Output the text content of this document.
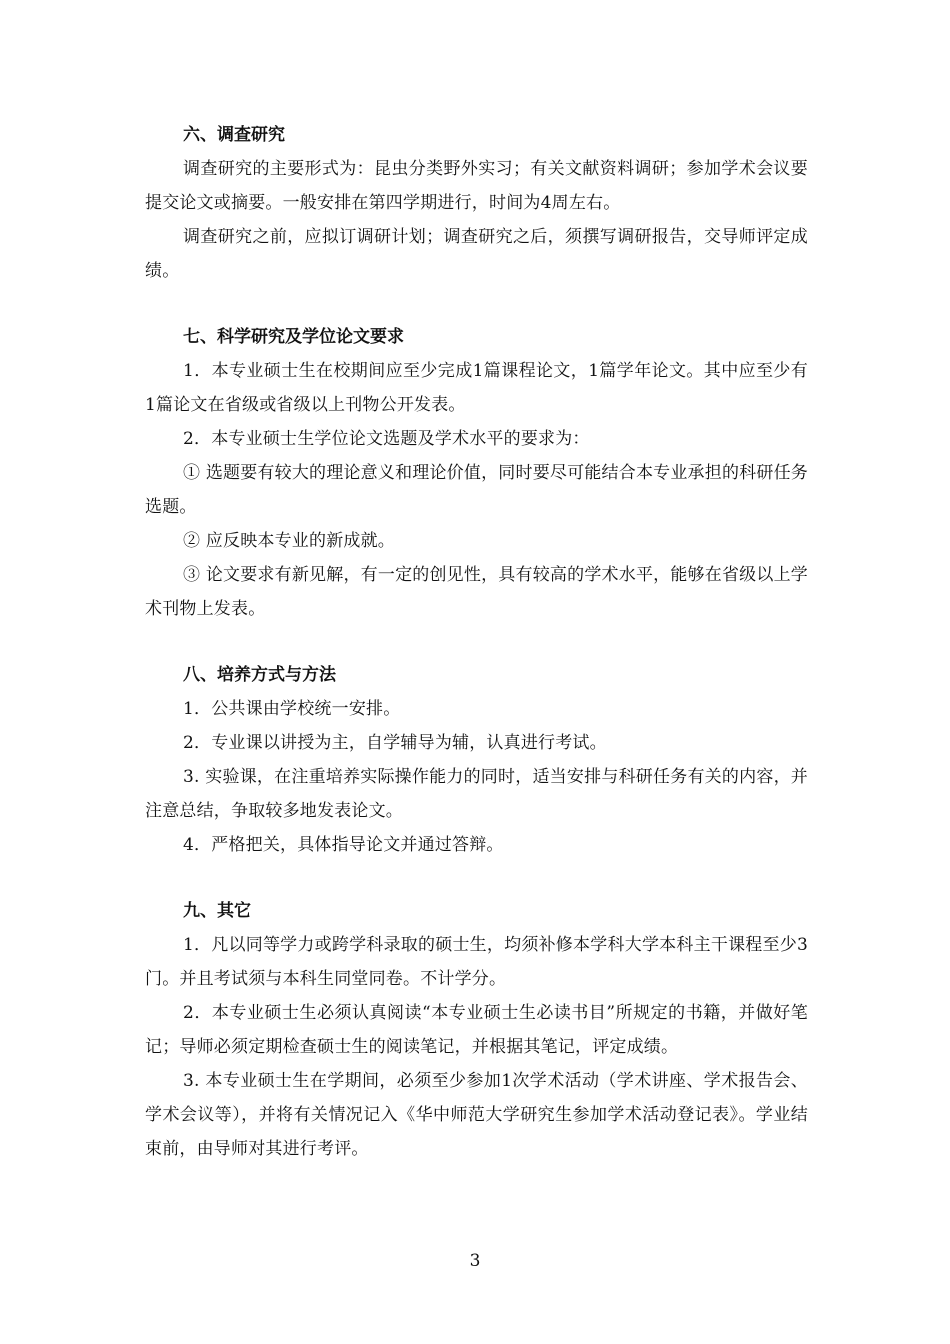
六、调查研究

调查研究的主要形式为：昆虫分类野外实习；有关文献资料调研；参加学术会议要提交论文或摘要。一般安排在第四学期进行，时间为4周左右。

调查研究之前，应拟订调研计划；调查研究之后，须撰写调研报告，交导师评定成绩。

七、科学研究及学位论文要求

1．本专业硕士生在校期间应至少完成1篇课程论文，1篇学年论文。其中应至少有1篇论文在省级或省级以上刊物公开发表。

2．本专业硕士生学位论文选题及学术水平的要求为：

① 选题要有较大的理论意义和理论价值，同时要尽可能结合本专业承担的科研任务选题。

② 应反映本专业的新成就。

③ 论文要求有新见解，有一定的创见性，具有较高的学术水平，能够在省级以上学术刊物上发表。

八、培养方式与方法

1．公共课由学校统一安排。

2．专业课以讲授为主，自学辅导为辅，认真进行考试。

3. 实验课，在注重培养实际操作能力的同时，适当安排与科研任务有关的内容，并注意总结，争取较多地发表论文。

4．严格把关，具体指导论文并通过答辩。

九、其它

1．凡以同等学力或跨学科录取的硕士生，均须补修本学科大学本科主干课程至少3门。并且考试须与本科生同堂同卷。不计学分。

2．本专业硕士生必须认真阅读“本专业硕士生必读书目”所规定的书籍，并做好笔记；导师必须定期检查硕士生的阅读笔记，并根据其笔记，评定成绩。

3. 本专业硕士生在学期间，必须至少参加1次学术活动（学术讲座、学术报告会、学术会议等），并将有关情况记入《华中师范大学研究生参加学术活动登记表》。学业结束前，由导师对其进行考评。

3
